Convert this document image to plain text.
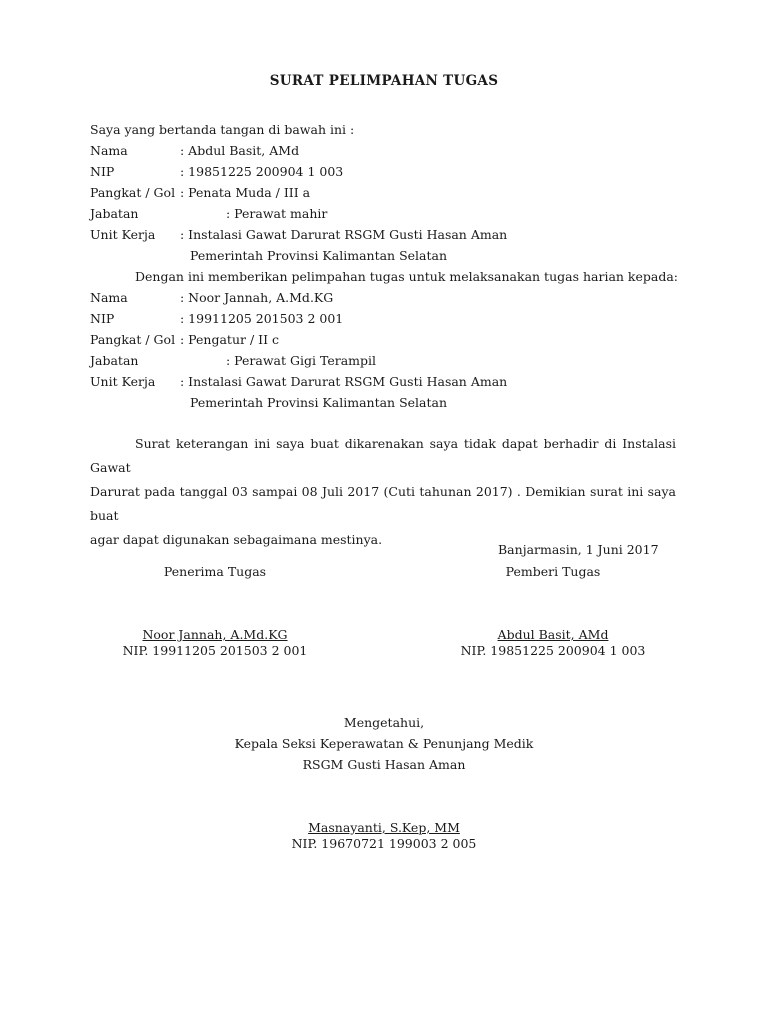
SURAT PELIMPAHAN TUGAS
Saya yang bertanda tangan di bawah ini :
Nama	: Abdul Basit, AMd
NIP	: 19851225 200904 1 003
Pangkat / Gol : Penata Muda / III a
Jabatan	: Perawat mahir
Unit Kerja : Instalasi Gawat Darurat RSGM Gusti Hasan Aman
Pemerintah Provinsi Kalimantan Selatan
Dengan ini memberikan pelimpahan tugas untuk melaksanakan tugas harian kepada:
Nama	: Noor Jannah, A.Md.KG
NIP	: 19911205 201503 2 001
Pangkat / Gol : Pengatur / II c
Jabatan	: Perawat Gigi Terampil
Unit Kerja : Instalasi Gawat Darurat RSGM Gusti Hasan Aman
Pemerintah Provinsi Kalimantan Selatan
Surat keterangan ini saya buat dikarenakan saya tidak dapat berhadir di Instalasi Gawat
Darurat pada tanggal 03 sampai 08 Juli 2017 (Cuti tahunan 2017) . Demikian surat ini saya buat
agar dapat digunakan sebagaimana mestinya.
Banjarmasin, 1 Juni 2017
Penerima Tugas	Pemberi Tugas
Noor Jannah, A.Md.KG
NIP. 19911205 201503 2 001
Abdul Basit, AMd
NIP. 19851225 200904 1 003
Mengetahui,
Kepala Seksi Keperawatan & Penunjang Medik
RSGM Gusti Hasan Aman
Masnayanti, S.Kep, MM
NIP. 19670721 199003 2 005
